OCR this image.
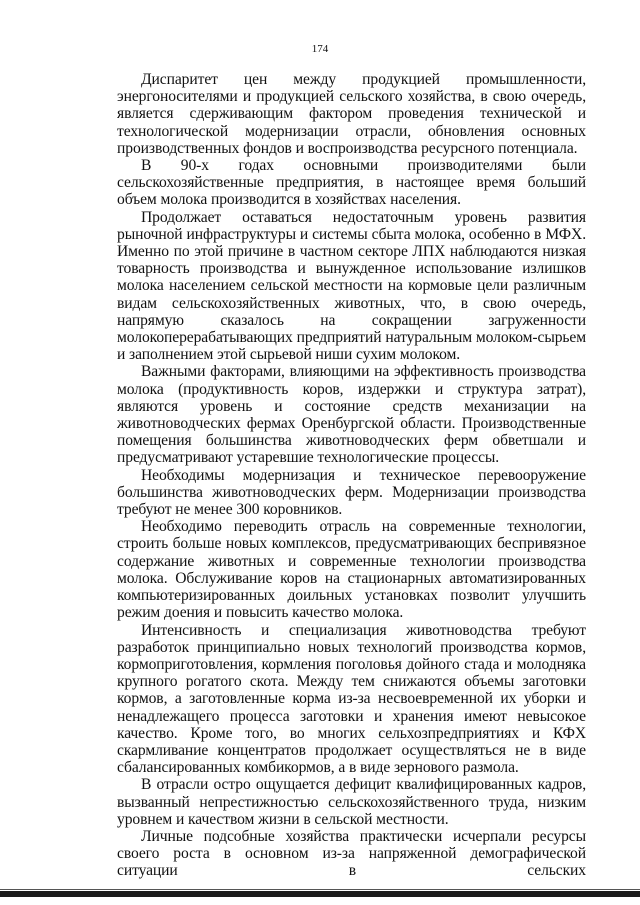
174

Диспаритет цен между продукцией промышленности, энергоносителями и продукцией сельского хозяйства, в свою очередь, является сдерживающим фактором проведения технической и технологической модернизации отрасли, обновления основных производственных фондов и воспроизводства ресурсного потенциала.

В 90-х годах основными производителями были сельскохозяйственные предприятия, в настоящее время больший объем молока производится в хозяйствах населения.

Продолжает оставаться недостаточным уровень развития рыночной инфраструктуры и системы сбыта молока, особенно в МФХ. Именно по этой причине в частном секторе ЛПХ наблюдаются низкая товарность производства и вынужденное использование излишков молока населением сельской местности на кормовые цели различным видам сельскохозяйственных животных, что, в свою очередь, напрямую сказалось на сокращении загруженности молокоперерабатывающих предприятий натуральным молоком-сырьем и заполнением этой сырьевой ниши сухим молоком.

Важными факторами, влияющими на эффективность производства молока (продуктивность коров, издержки и структура затрат), являются уровень и состояние средств механизации на животноводческих фермах Оренбургской области. Производственные помещения большинства животноводческих ферм обветшали и предусматривают устаревшие технологические процессы.

Необходимы модернизация и техническое перевооружение большинства животноводческих ферм. Модернизации производства требуют не менее 300 коровников.

Необходимо переводить отрасль на современные технологии, строить больше новых комплексов, предусматривающих беспривязное содержание животных и современные технологии производства молока. Обслуживание коров на стационарных автоматизированных компьютеризированных доильных установках позволит улучшить режим доения и повысить качество молока.

Интенсивность и специализация животноводства требуют разработок принципиально новых технологий производства кормов, кормоприготовления, кормления поголовья дойного стада и молодняка крупного рогатого скота. Между тем снижаются объемы заготовки кормов, а заготовленные корма из-за несвоевременной их уборки и ненадлежащего процесса заготовки и хранения имеют невысокое качество. Кроме того, во многих сельхозпредприятиях и КФХ скармливание концентратов продолжает осуществляться не в виде сбалансированных комбикормов, а в виде зернового размола.

В отрасли остро ощущается дефицит квалифицированных кадров, вызванный непрестижностью сельскохозяйственного труда, низким уровнем и качеством жизни в сельской местности.

Личные подсобные хозяйства практически исчерпали ресурсы своего роста в основном из-за напряженной демографической ситуации в сельских
